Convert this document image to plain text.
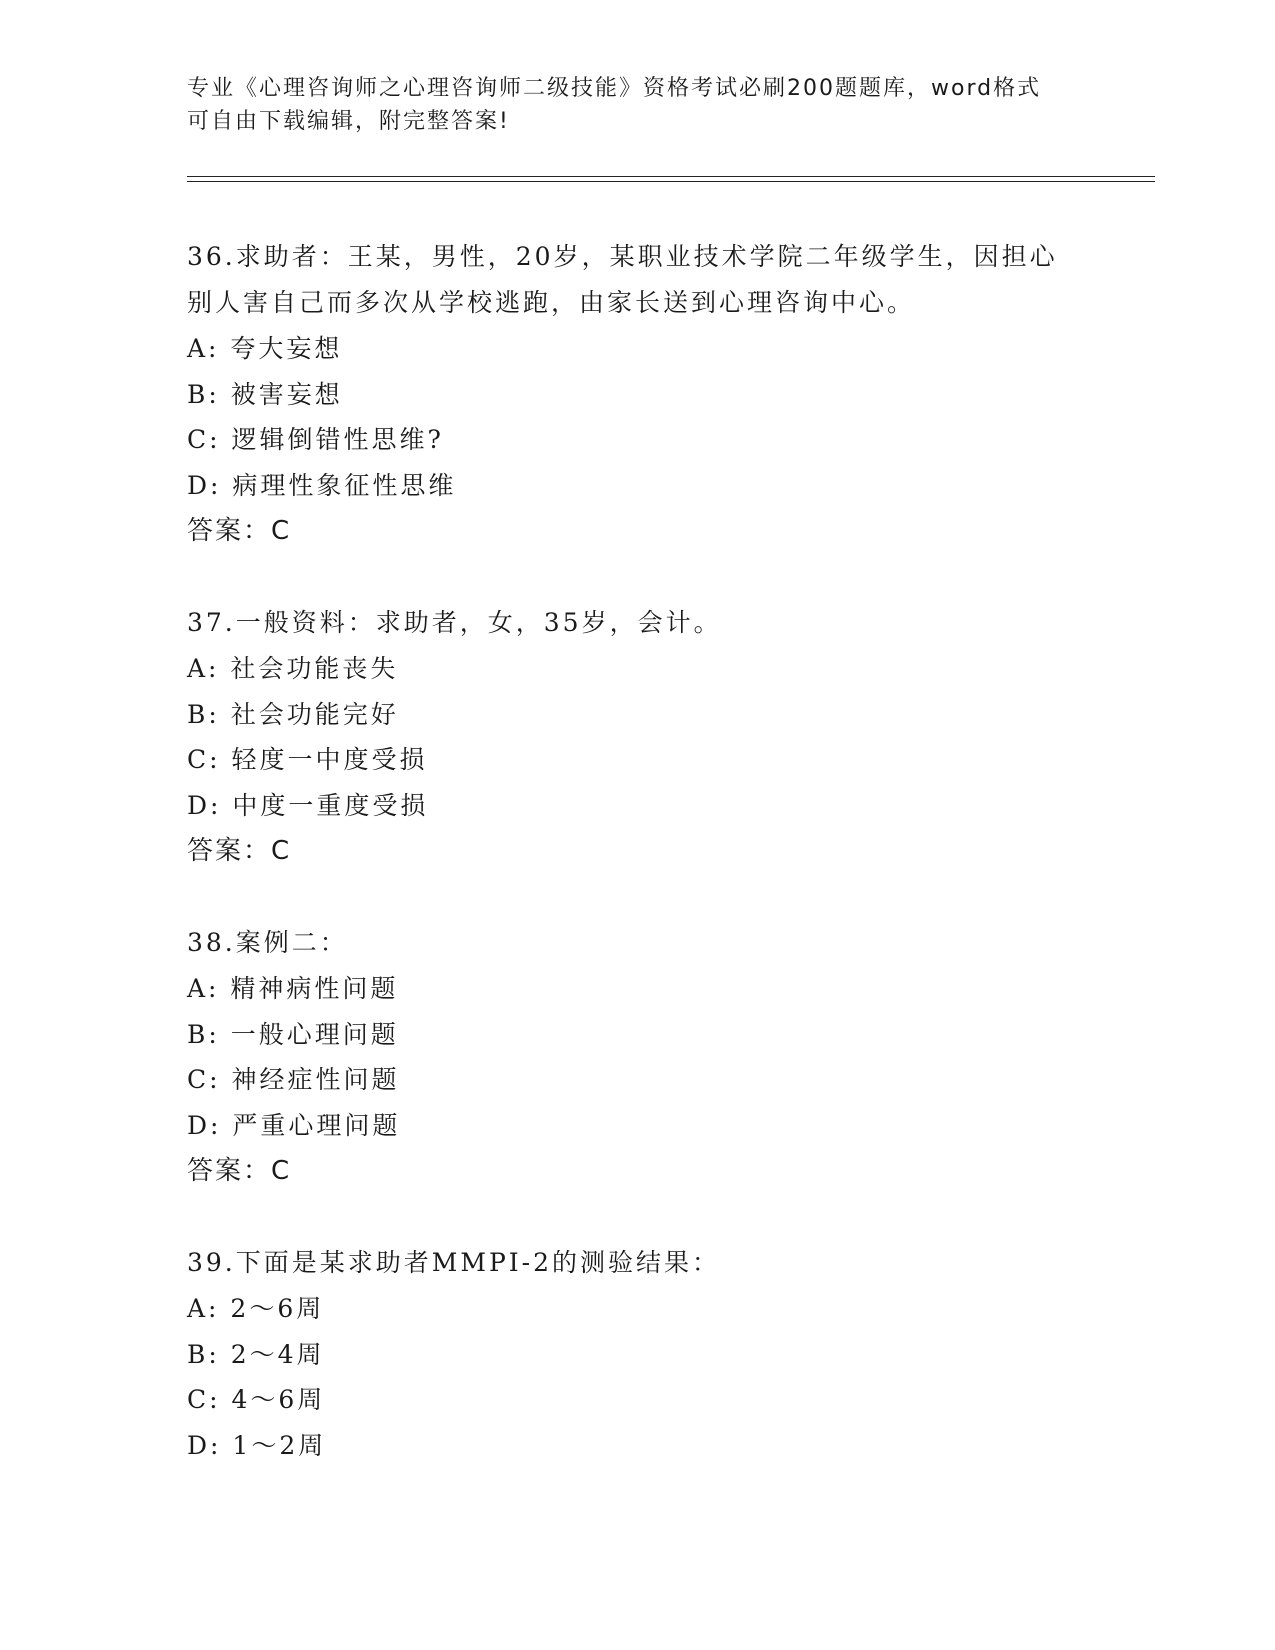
专业《心理咨询师之心理咨询师二级技能》资格考试必刷200题题库，word格式
可自由下载编辑，附完整答案!
36.求助者：王某，男性，20岁，某职业技术学院二年级学生，因担心
别人害自己而多次从学校逃跑，由家长送到心理咨询中心。
A: 夸大妄想
B: 被害妄想
C: 逻辑倒错性思维?
D: 病理性象征性思维
答案：C
37.一般资料：求助者，女，35岁，会计。
A: 社会功能丧失
B: 社会功能完好
C: 轻度一中度受损
D: 中度一重度受损
答案：C
38.案例二：
A: 精神病性问题
B: 一般心理问题
C: 神经症性问题
D: 严重心理问题
答案：C
39.下面是某求助者MMPI-2的测验结果：
A: 2～6周
B: 2～4周
C: 4～6周
D: 1～2周
